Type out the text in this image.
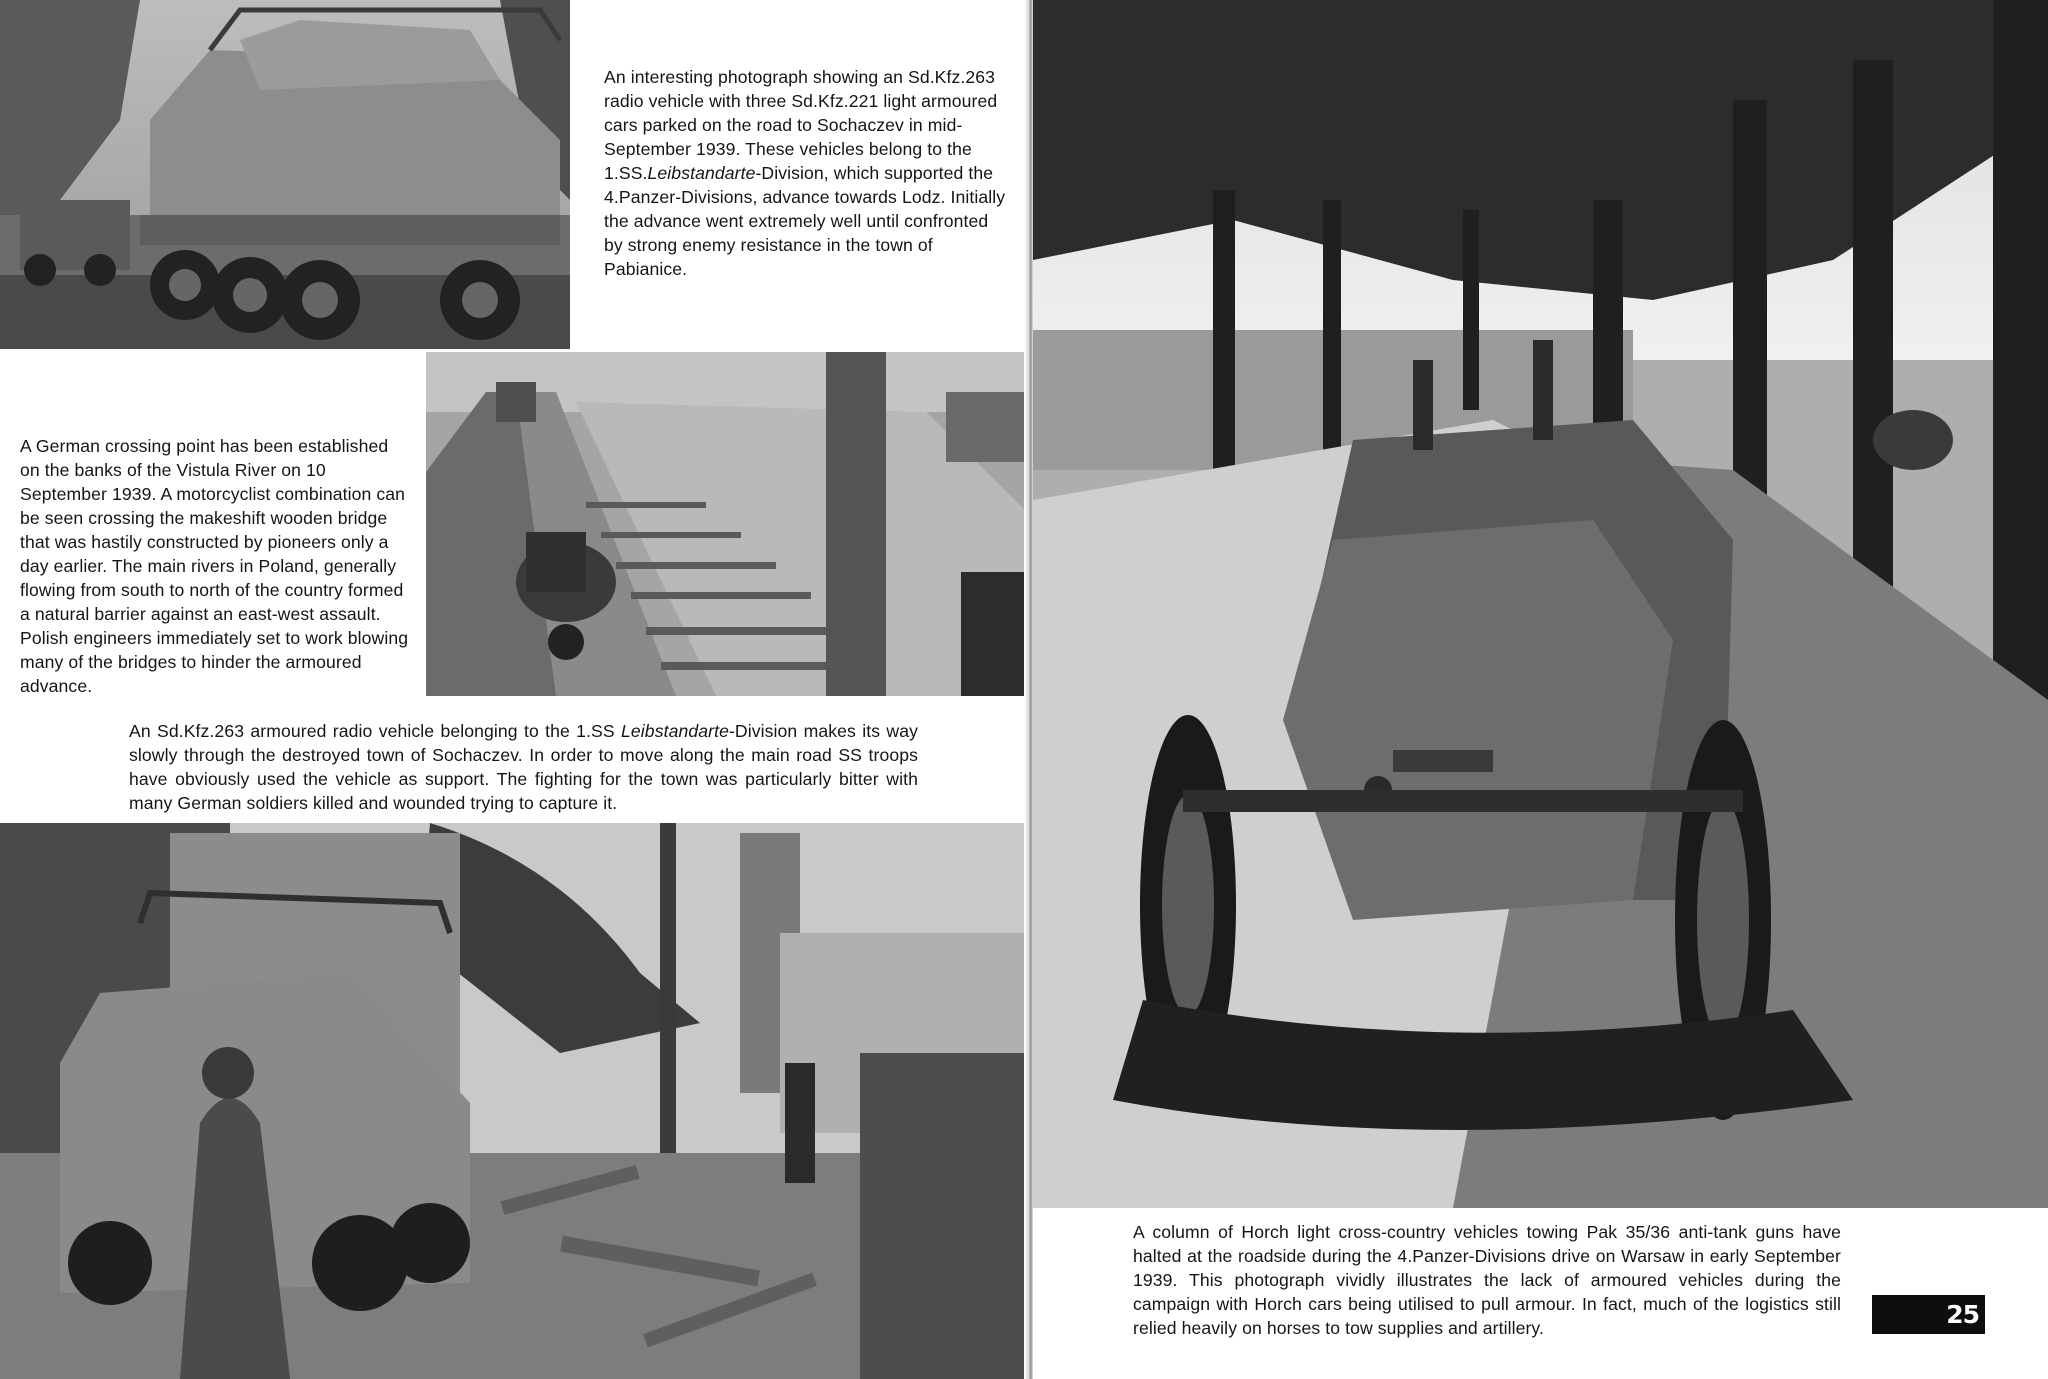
An interesting photograph showing an Sd.Kfz.263 radio vehicle with three Sd.Kfz.221 light armoured cars parked on the road to Sochaczev in mid-September 1939. These vehicles belong to the 1.SS.Leibstandarte-Division, which supported the 4.Panzer-Divisions, advance towards Lodz. Initially the advance went extremely well until confronted by strong enemy resistance in the town of Pabianice.

A German crossing point has been established on the banks of the Vistula River on 10 September 1939. A motorcyclist combination can be seen crossing the makeshift wooden bridge that was hastily constructed by pioneers only a day earlier. The main rivers in Poland, generally flowing from south to north of the country formed a natural barrier against an east-west assault. Polish engineers immediately set to work blowing many of the bridges to hinder the armoured advance.

An Sd.Kfz.263 armoured radio vehicle belonging to the 1.SS Leibstandarte-Division makes its way slowly through the destroyed town of Sochaczev. In order to move along the main road SS troops have obviously used the vehicle as support. The fighting for the town was particularly bitter with many German soldiers killed and wounded trying to capture it.

A column of Horch light cross-country vehicles towing Pak 35/36 anti-tank guns have halted at the roadside during the 4.Panzer-Divisions drive on Warsaw in early September 1939. This photograph vividly illustrates the lack of armoured vehicles during the campaign with Horch cars being utilised to pull armour. In fact, much of the logistics still relied heavily on horses to tow supplies and artillery.	25
